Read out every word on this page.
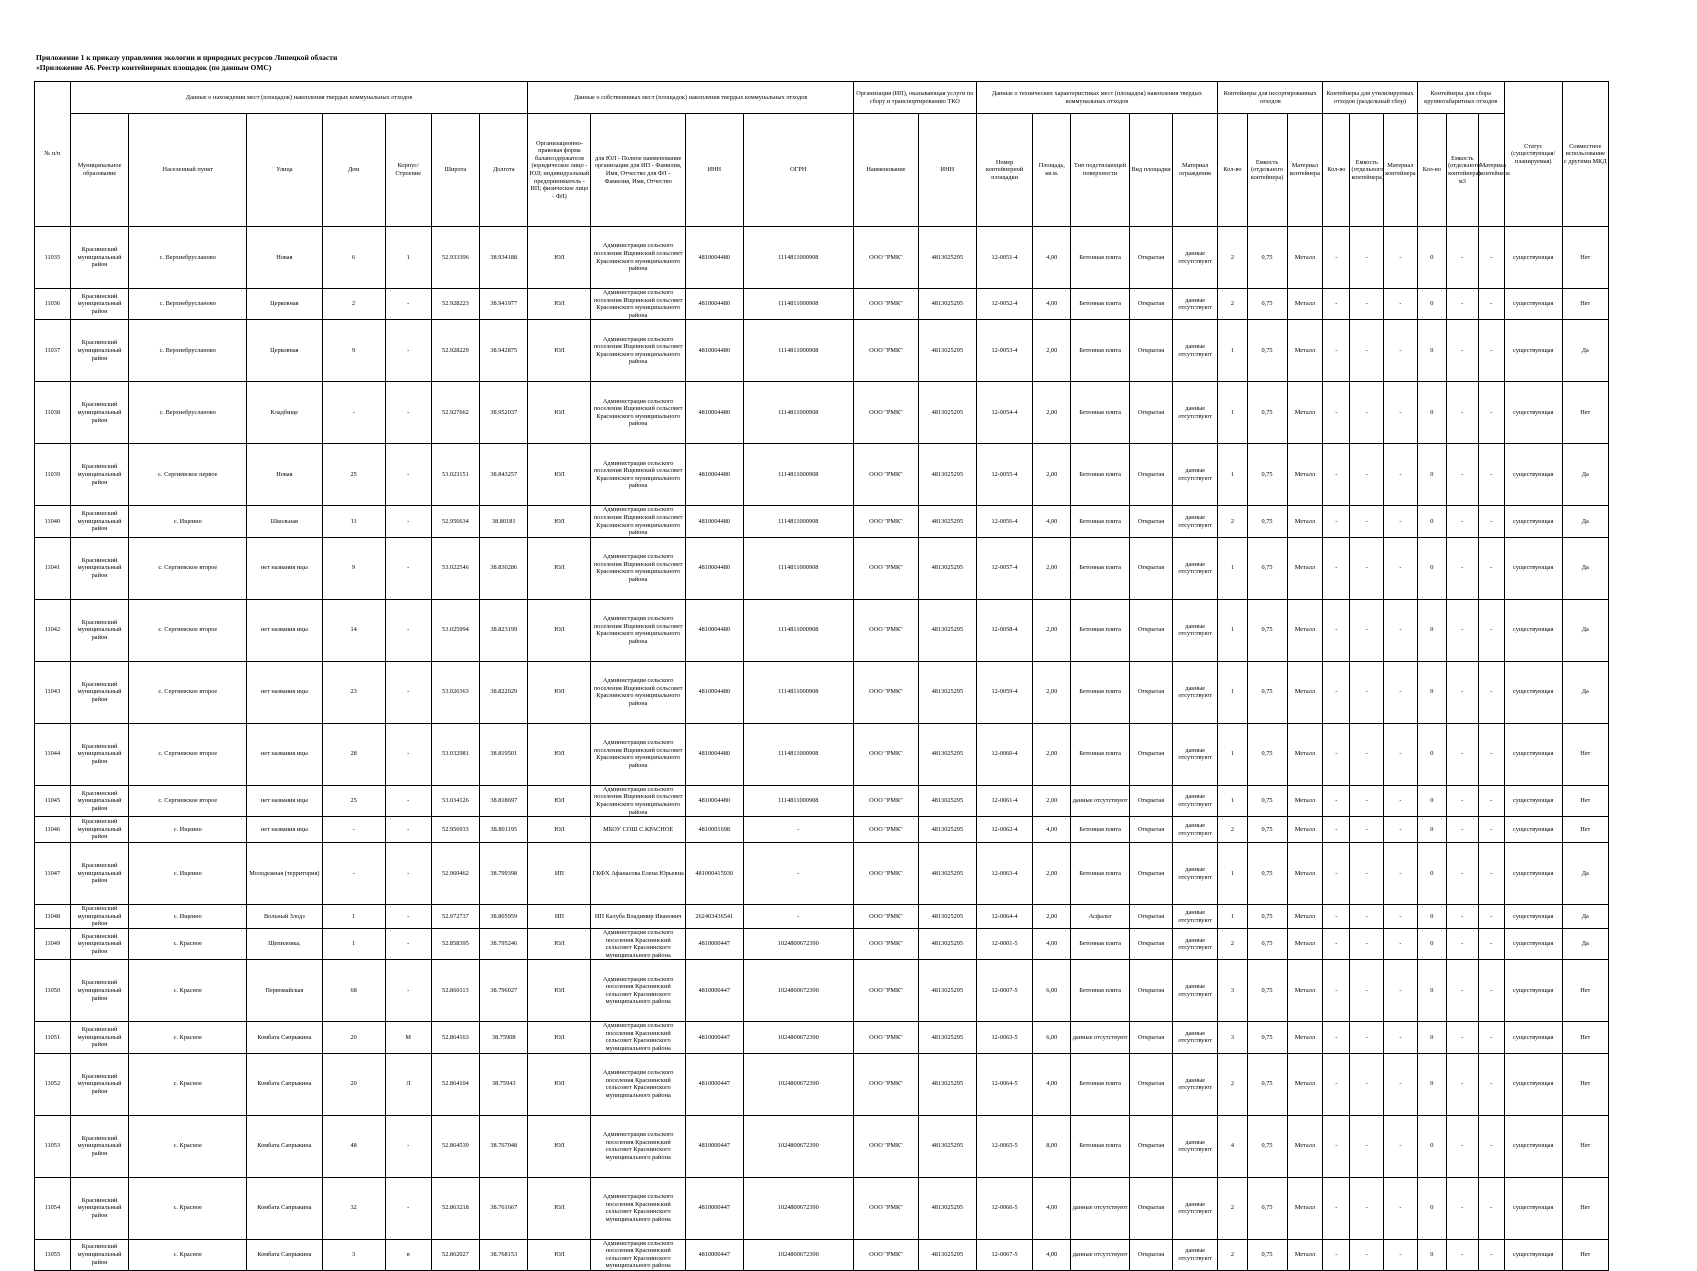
Приложение 1 к приказу управления экологии и природных ресурсов Липецкой области
«Приложение А6. Реестр контейнерных площадок (по данным ОМС)
№ п/п	Данные о нахождении мест (площадок) накопления твердых коммунальных отходов							Данные о собственниках мест (площадок) накопления твердых коммунальных отходов				Организация (ИП), оказывающая услуги по сбору и транспортированию ТКО		Данные о технических характеристиках мест (площадок) накопления твердых коммунальных отходов					Контейнеры для несортированных отходов			Контейнеры для утилизируемых отходов (раздельный сбор)			Контейнеры для сбора крупногабаритных отходов			Статус (существующая/ планируемая)	Совместное использование с другими МКД
	Муниципальное образование	Населенный пункт	Улица	Дом	Корпус/Строение	Широта	Долгота	Организационно-правовая форма балансодержателя (юридическое лицо - ЮЛ; индивидуальный предприниматель - ИП; физическое лицо - ФЛ)	для ЮЛ - Полное наименование организации для ИП - Фамилия, Имя, Отчество для ФЛ - Фамилия, Имя, Отчество	ИНН	ОГРН	Наименование	ИНН	Номер контейнерной площадки	Площадь, кв.м.	Тип подстилающей поверхности	Вид площадки	Материал ограждения	Кол-во	Емкость (отдельного контейнера)	Материал контейнера	Кол-во	Емкость (отдельного контейнера)	Материал контейнера	Кол-во	Емкость (отдельного контейнера) м3	Материал контейнера		
11035	Краснинский муниципальный район	с. Верхнебруслановo	Новая	6	1	52.933396	38.934188	ЮЛ	Администрация сельского поселения Ищеинский сельсовет Краснинского муниципального района	4810004480	1114811000908	ООО "РМК"	4813025295	12-0051-4	4,00	Бетонная плита	Открытая	данные отсутствуют	2	0,75	Металл	-	-	-	0	-	-	существующая	Нет
11036	Краснинский муниципальный район	с. Верхнебруслановo	Церковная	2	-	52.928223	38.941977	ЮЛ	Администрация сельского поселения Ищеинский сельсовет Краснинского муниципального района	4810004480	1114811000908	ООО "РМК"	4813025295	12-0052-4	4,00	Бетонная плита	Открытая	данные отсутствуют	2	0,75	Металл	-	-	-	0	-	-	существующая	Нет
11037	Краснинский муниципальный район	с. Верхнебруслановo	Церковная	9	-	52.928229	38.942875	ЮЛ	Администрация сельского поселения Ищеинский сельсовет Краснинского муниципального района	4810004480	1114811000908	ООО "РМК"	4813025295	12-0053-4	2,00	Бетонная плита	Открытая	данные отсутствуют	1	0,75	Металл	-	-	-	0	-	-	существующая	Да
11038	Краснинский муниципальный район	с. Верхнебруслановo	Кладбище	-	-	52.927662	38.952037	ЮЛ	Администрация сельского поселения Ищеинский сельсовет Краснинского муниципального района	4810004480	1114811000908	ООО "РМК"	4813025295	12-0054-4	2,00	Бетонная плита	Открытая	данные отсутствуют	1	0,75	Металл	-	-	-	0	-	-	существующая	Нет
11039	Краснинский муниципальный район	с. Сергиевское первое	Новая	25	-	53.023151	38.843257	ЮЛ	Администрация сельского поселения Ищеинский сельсовет Краснинского муниципального района	4810004480	1114811000908	ООО "РМК"	4813025295	12-0055-4	2,00	Бетонная плита	Открытая	данные отсутствуют	1	0,75	Металл	-	-	-	0	-	-	существующая	Да
11040	Краснинский муниципальный район	с. Ищеино	Школьная	11	-	52.956634	38.80181	ЮЛ	Администрация сельского поселения Ищеинский сельсовет Краснинского муниципального района	4810004480	1114811000908	ООО "РМК"	4813025295	12-0056-4	4,00	Бетонная плита	Открытая	данные отсутствуют	2	0,75	Металл	-	-	-	0	-	-	существующая	Да
11041	Краснинский муниципальный район	с. Сергиевское второе	нет названия ицы	9	-	53.022546	38.830286	ЮЛ	Администрация сельского поселения Ищеинский сельсовет Краснинского муниципального района	4810004480	1114811000908	ООО "РМК"	4813025295	12-0057-4	2,00	Бетонная плита	Открытая	данные отсутствуют	1	0,75	Металл	-	-	-	0	-	-	существующая	Да
11042	Краснинский муниципальный район	с. Сергиевское второе	нет названия ицы	14	-	53.025994	38.823199	ЮЛ	Администрация сельского поселения Ищеинский сельсовет Краснинского муниципального района	4810004480	1114811000908	ООО "РМК"	4813025295	12-0058-4	2,00	Бетонная плита	Открытая	данные отсутствуют	1	0,75	Металл	-	-	-	0	-	-	существующая	Да
11043	Краснинский муниципальный район	с. Сергиевское второе	нет названия ицы	23	-	53.026363	38.822029	ЮЛ	Администрация сельского поселения Ищеинский сельсовет Краснинского муниципального района	4810004480	1114811000908	ООО "РМК"	4813025295	12-0059-4	2,00	Бетонная плита	Открытая	данные отсутствуют	1	0,75	Металл	-	-	-	0	-	-	существующая	Да
11044	Краснинский муниципальный район	с. Сергиевское второе	нет названия ицы	28	-	53.032981	38.819501	ЮЛ	Администрация сельского поселения Ищеинский сельсовет Краснинского муниципального района	4810004480	1114811000908	ООО "РМК"	4813025295	12-0060-4	2,00	Бетонная плита	Открытая	данные отсутствуют	1	0,75	Металл	-	-	-	0	-	-	существующая	Нет
11045	Краснинский муниципальный район	с. Сергиевское второе	нет названия ицы	25	-	53.034126	38.818697	ЮЛ	Администрация сельского поселения Ищеинский сельсовет Краснинского муниципального района	4810004480	1114811000908	ООО "РМК"	4813025295	12-0061-4	2,00	данные отсутствуют	Открытая	данные отсутствуют	1	0,75	Металл	-	-	-	0	-	-	существующая	Нет
11046	Краснинский муниципальный район	с. Ищеино	нет названия ицы	-	-	52.956933	38.801195	ЮЛ	МБОУ СОШ С.КРАСНОЕ	4810001698	-	ООО "РМК"	4813025295	12-0062-4	4,00	Бетонная плита	Открытая	данные отсутствуют	2	0,75	Металл	-	-	-	0	-	-	существующая	Нет
11047	Краснинский муниципальный район	с. Ищеино	Молодежная (территория)	-	-	52.960462	38.799398	ИП	ГКФХ Афанасова Елена Юрьевна	481000415930	-	ООО "РМК"	4813025295	12-0063-4	2,00	Бетонная плита	Открытая	данные отсутствуют	1	0,75	Металл	-	-	-	0	-	-	существующая	Да
11048	Краснинский муниципальный район	с. Ищеино	Вольный Злодз	1	-	52.972737	38.805959	ИП	ИП Калуба Владимир Иванович	262403436541	-	ООО "РМК"	4813025295	12-0064-4	2,00	Асфальт	Открытая	данные отсутствуют	1	0,75	Металл	-	-	-	0	-	-	существующая	Да
11049	Краснинский муниципальный район	с. Красное	Щепиловка,	1	-	52.858395	38.795246	ЮЛ	Администрация сельского поселения Краснинский сельсовет Краснинского муниципального района	4810000447	1024800672390	ООО "РМК"	4813025295	12-0001-5	4,00	Бетонная плита	Открытая	данные отсутствуют	2	0,75	Металл	-	-	-	0	-	-	существующая	Да
11050	Краснинский муниципальный район	с. Красное	Первомайская	68	-	52.860113	38.796027	ЮЛ	Администрация сельского поселения Краснинский сельсовет Краснинского муниципального района	4810000447	1024800672390	ООО "РМК"	4813025295	12-0007-5	6,00	Бетонная плита	Открытая	данные отсутствуют	3	0,75	Металл	-	-	-	0	-	-	существующая	Нет
11051	Краснинский муниципальный район	с. Красное	Комбата Сапрыкина	20	М	52.864163	38.75908	ЮЛ	Администрация сельского поселения Краснинский сельсовет Краснинского муниципального района	4810000447	1024800672390	ООО "РМК"	4813025295	12-0063-5	6,00	данные отсутствуют	Открытая	данные отсутствуют	3	0,75	Металл	-	-	-	0	-	-	существующая	Нет
11052	Краснинский муниципальный район	с. Красное	Комбата Сапрыкина	20	Л	52.864104	38.75943	ЮЛ	Администрация сельского поселения Краснинский сельсовет Краснинского муниципального района	4810000447	1024800672390	ООО "РМК"	4813025295	12-0064-5	4,00	Бетонная плита	Открытая	данные отсутствуют	2	0,75	Металл	-	-	-	0	-	-	существующая	Нет
11053	Краснинский муниципальный район	с. Красное	Комбата Сапрыкина	48	-	52.864539	38.767048	ЮЛ	Администрация сельского поселения Краснинский сельсовет Краснинского муниципального района	4810000447	1024800672390	ООО "РМК"	4813025295	12-0065-5	8,00	Бетонная плита	Открытая	данные отсутствуют	4	0,75	Металл	-	-	-	0	-	-	существующая	Нет
11054	Краснинский муниципальный район	с. Красное	Комбата Сапрыкина	32	-	52.863218	38.761667	ЮЛ	Администрация сельского поселения Краснинский сельсовет Краснинского муниципального района	4810000447	1024800672390	ООО "РМК"	4813025295	12-0066-5	4,00	данные отсутствуют	Открытая	данные отсутствуют	2	0,75	Металл	-	-	-	0	-	-	существующая	Нет
11055	Краснинский муниципальный район	с. Красное	Комбата Сапрыкина	3	в	52.862027	38.768153	ЮЛ	Администрация сельского поселения Краснинский сельсовет Краснинского муниципального района	4810000447	1024800672390	ООО "РМК"	4813025295	12-0067-5	4,00	данные отсутствуют	Открытая	данные отсутствуют	2	0,75	Металл	-	-	-	0	-	-	существующая	Нет
